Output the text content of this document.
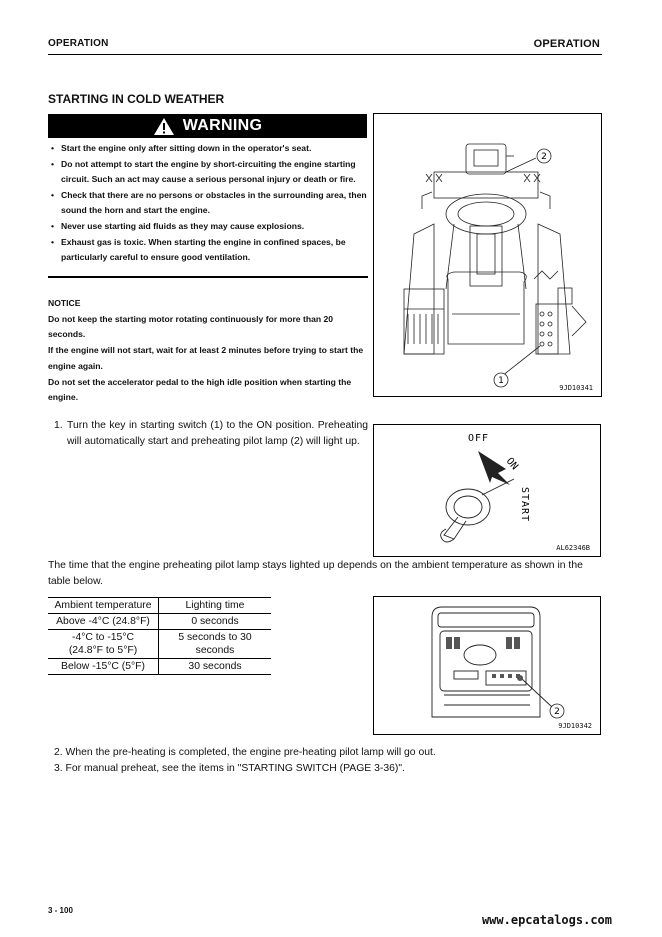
OPERATION	OPERATION
STARTING IN COLD WEATHER
WARNING
• Start the engine only after sitting down in the operator's seat.
• Do not attempt to start the engine by short-circuiting the engine starting circuit. Such an act may cause a serious personal injury or death or fire.
• Check that there are no persons or obstacles in the surrounding area, then sound the horn and start the engine.
• Never use starting aid fluids as they may cause explosions.
• Exhaust gas is toxic. When starting the engine in confined spaces, be particularly careful to ensure good ventilation.

NOTICE

Do not keep the starting motor rotating continuously for more than 20 seconds.

If the engine will not start, wait for at least 2 minutes before trying to start the engine again.

Do not set the accelerator pedal to the high idle position when starting the engine.

2
1
9JD10341
1. Turn the key in starting switch (1) to the ON position. Preheating will automatically start and preheating pilot lamp (2) will light up.	OFF
ON
START
AL62346B
The time that the engine preheating pilot lamp stays lighted up depends on the ambient temperature as shown in the table below.
Ambient temperature	Lighting time
Above -4°C (24.8°F)	0 seconds
-4°C to -15°C
(24.8°F to 5°F)	5 seconds to 30
seconds
Below -15°C (5°F)	30 seconds
2
9JD10342

2. When the pre-heating is completed, the engine pre-heating pilot lamp will go out.

3. For manual preheat, see the items in "STARTING SWITCH (PAGE 3-36)".

3 - 100
www.epcatalogs.com
